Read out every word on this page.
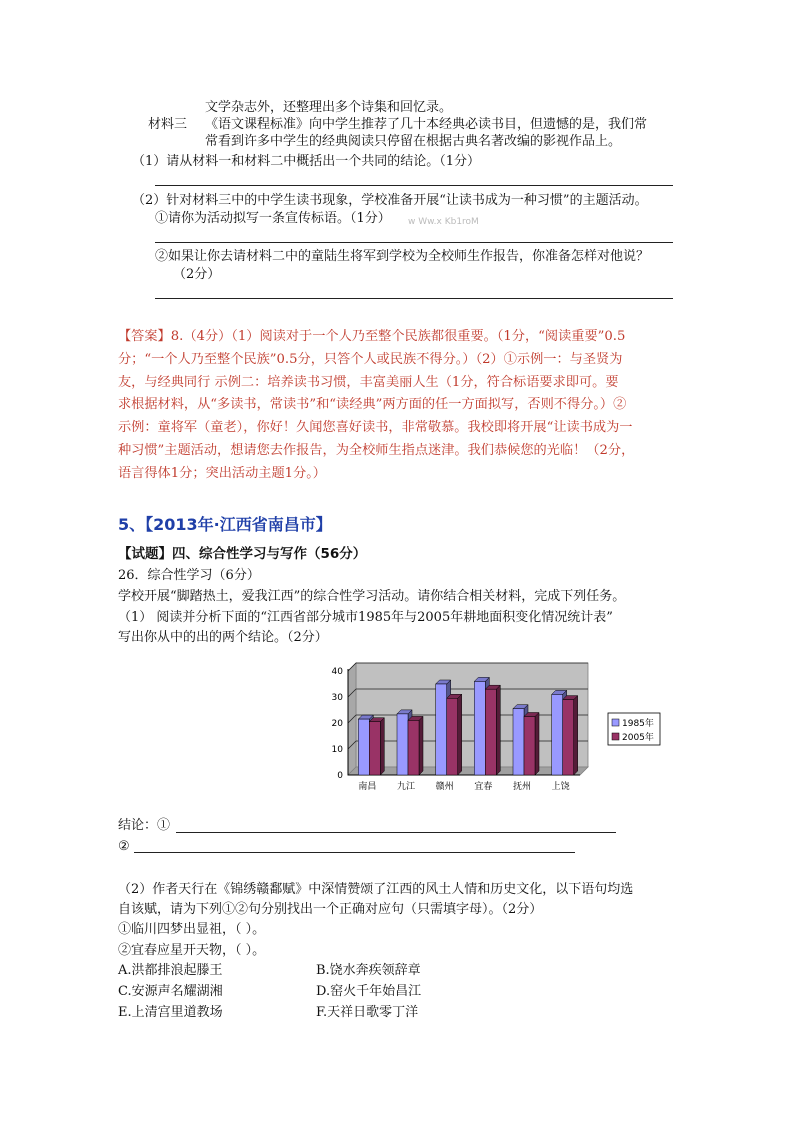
文学杂志外，还整理出多个诗集和回忆录。
材料三 《语文课程标准》向中学生推荐了几十本经典必读书目，但遗憾的是，我们常
常看到许多中学生的经典阅读只停留在根据古典名著改编的影视作品上。
（1）请从材料一和材料二中概括出一个共同的结论。（1分）
（2）针对材料三中的中学生读书现象，学校准备开展“让读书成为一种习惯”的主题活动。
①请你为活动拟写一条宣传标语。（1分） w Ww.x Kb1roM
②如果让你去请材料二中的童陆生将军到学校为全校师生作报告，你准备怎样对他说？
（2分）
【答案】8.（4分）（1）阅读对于一个人乃至整个民族都很重要。（1分，“阅读重要”0.5
分；“一个人乃至整个民族”0.5分，只答个人或民族不得分。）（2）①示例一：与圣贤为
友，与经典同行 示例二：培养读书习惯，丰富美丽人生（1分，符合标语要求即可。要
求根据材料，从“多读书，常读书”和“读经典”两方面的任一方面拟写，否则不得分。）②
示例：童将军（童老），你好！久闻您喜好读书，非常敬慕。我校即将开展“让读书成为一
种习惯”主题活动，想请您去作报告，为全校师生指点迷津。我们恭候您的光临！（2分，
语言得体1分；突出活动主题1分。）
5、【2013年·江西省南昌市】
【试题】四、综合性学习与写作（56分）
26．综合性学习（6分）
学校开展“脚踏热土，爱我江西”的综合性学习活动。请你结合相关材料，完成下列任务。
（1） 阅读并分析下面的“江西省部分城市1985年与2005年耕地面积变化情况统计表”
写出你从中的出的两个结论。（2分）
0
10
20
30
40
南昌 九江 赣州 宜春 抚州 上饶
1985年
2005年
结论：①
②
（2）作者天行在《锦绣赣鄱赋》中深情赞颂了江西的风土人情和历史文化，以下语句均选
自该赋，请为下列①②句分别找出一个正确对应句（只需填字母）。（2分）
①临川四梦出显祖，（ ）。
②宜春应星开天物，（ ）。
A.洪都排浪起滕王	B.饶水奔疾领辞章
C.安源声名耀湖湘	D.窑火千年始昌江
E.上清宫里道教场	F.天祥日歌零丁洋
